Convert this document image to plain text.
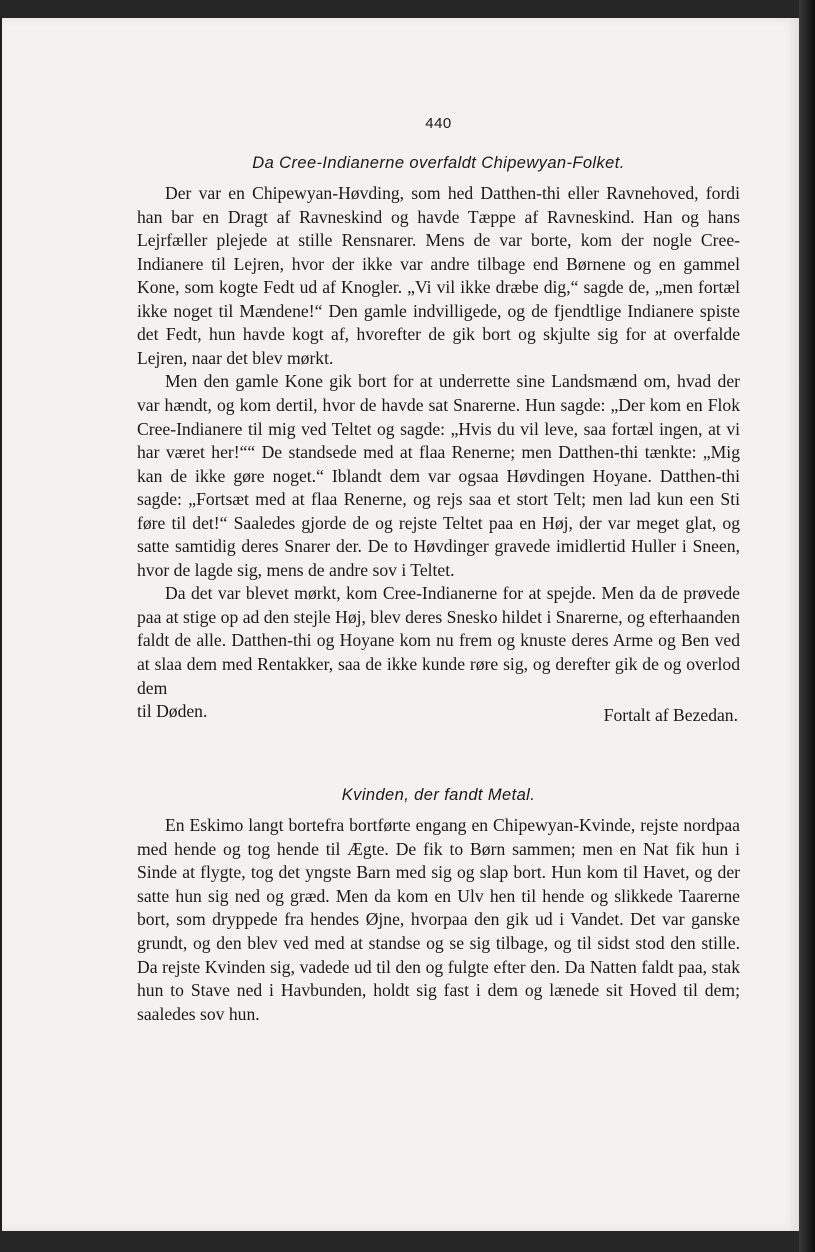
440
Da Cree‑Indianerne overfaldt Chipewyan‑Folket.

Der var en Chipewyan-Høvding, som hed Datthen-thi eller Ravnehoved, fordi han bar en Dragt af Ravneskind og havde Tæppe af Ravneskind. Han og hans Lejrfæller plejede at stille Rensnarer. Mens de var borte, kom der nogle Cree-Indianere til Lejren, hvor der ikke var andre tilbage end Børnene og en gammel Kone, som kogte Fedt ud af Knogler. „Vi vil ikke dræbe dig,“ sagde de, „men fortæl ikke noget til Mændene!“ Den gamle indvilligede, og de fjendtlige Indianere spiste det Fedt, hun havde kogt af, hvorefter de gik bort og skjulte sig for at overfalde Lejren, naar det blev mørkt.

Men den gamle Kone gik bort for at underrette sine Landsmænd om, hvad der var hændt, og kom dertil, hvor de havde sat Snarerne. Hun sagde: „Der kom en Flok Cree-Indianere til mig ved Teltet og sagde: „Hvis du vil leve, saa fortæl ingen, at vi har været her!““ De standsede med at flaa Renerne; men Datthen-thi tænkte: „Mig kan de ikke gøre noget.“ Iblandt dem var ogsaa Høvdingen Hoyane. Datthen-thi sagde: „Fortsæt med at flaa Renerne, og rejs saa et stort Telt; men lad kun een Sti føre til det!“ Saaledes gjorde de og rejste Teltet paa en Høj, der var meget glat, og satte samtidig deres Snarer der. De to Høvdinger gravede imidlertid Huller i Sneen, hvor de lagde sig, mens de andre sov i Teltet.

Da det var blevet mørkt, kom Cree-Indianerne for at spejde. Men da de prøvede paa at stige op ad den stejle Høj, blev deres Snesko hildet i Snarerne, og efterhaanden faldt de alle. Datthen-thi og Hoyane kom nu frem og knuste deres Arme og Ben ved at slaa dem med Rentakker, saa de ikke kunde røre sig, og derefter gik de og overlod dem

til Døden.	Fortalt af Bezedan.
Kvinden, der fandt Metal.

En Eskimo langt bortefra bortførte engang en Chipewyan-Kvinde, rejste nordpaa med hende og tog hende til Ægte. De fik to Børn sammen; men en Nat fik hun i Sinde at flygte, tog det yngste Barn med sig og slap bort. Hun kom til Havet, og der satte hun sig ned og græd. Men da kom en Ulv hen til hende og slikkede Taarerne bort, som dryppede fra hendes Øjne, hvorpaa den gik ud i Vandet. Det var ganske grundt, og den blev ved med at standse og se sig tilbage, og til sidst stod den stille. Da rejste Kvinden sig, vadede ud til den og fulgte efter den. Da Natten faldt paa, stak hun to Stave ned i Havbunden, holdt sig fast i dem og lænede sit Hoved til dem; saaledes sov hun.
